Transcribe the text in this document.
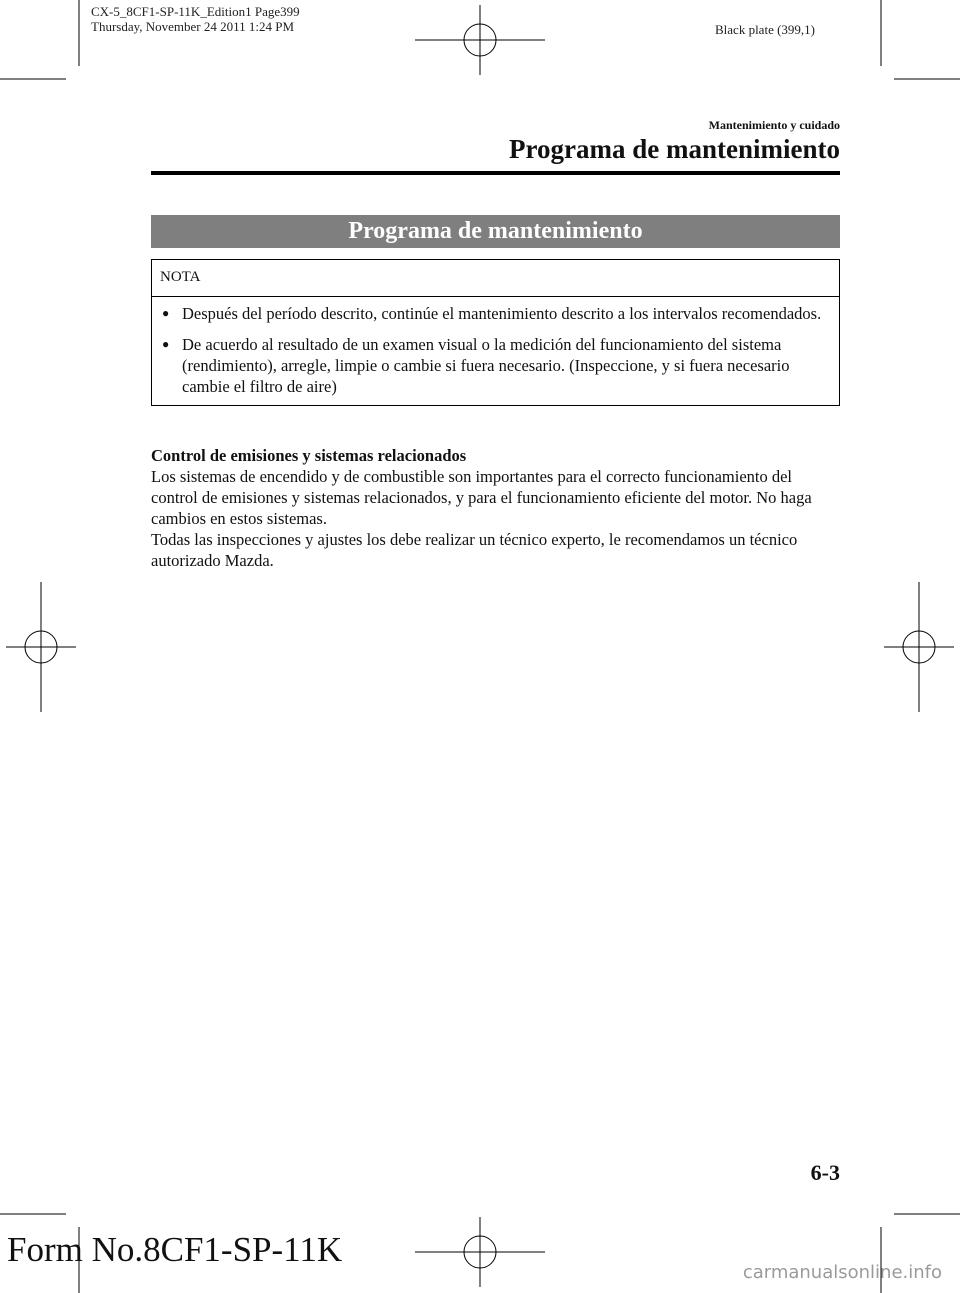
CX-5_8CF1-SP-11K_Edition1 Page399
Thursday, November 24 2011 1:24 PM	Black plate (399,1)
Mantenimiento y cuidado
Programa de mantenimiento
Programa de mantenimiento
NOTA
● Después del período descrito, continúe el mantenimiento descrito a los intervalos recomendados.
● De acuerdo al resultado de un examen visual o la medición del funcionamiento del sistema (rendimiento), arregle, limpie o cambie si fuera necesario. (Inspeccione, y si fuera necesario cambie el filtro de aire)

Control de emisiones y sistemas relacionados

Los sistemas de encendido y de combustible son importantes para el correcto funcionamiento del control de emisiones y sistemas relacionados, y para el funcionamiento eficiente del motor. No haga cambios en estos sistemas.

Todas las inspecciones y ajustes los debe realizar un técnico experto, le recomendamos un técnico autorizado Mazda.

6-3
Form No.8CF1-SP-11K
carmanualsonline.info
